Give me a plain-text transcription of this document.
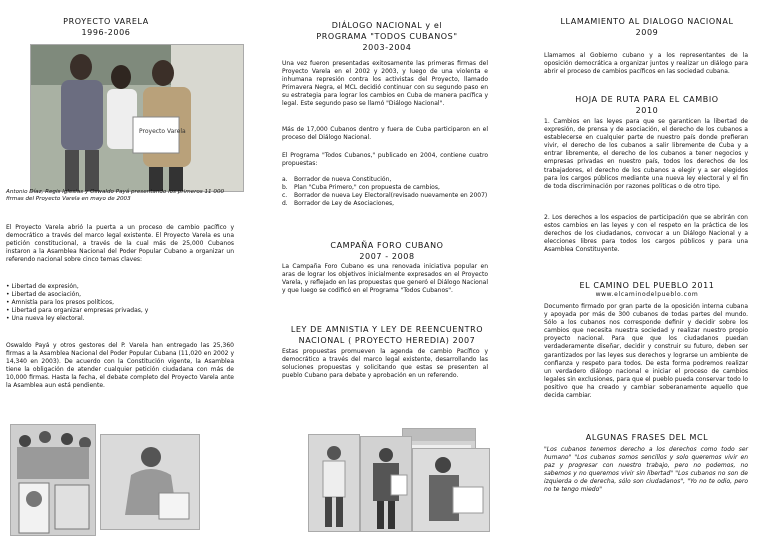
PROYECTO VARELA
1996-2006
Proyecto Varela
Antonio Díaz, Regis Iglesias y Oswaldo Payá presentando los primeros 11 000 firmas del Proyecto Varela en mayo de 2003

El Proyecto Varela abrió la puerta a un proceso de cambio pacífico y democrático a través del marco legal existente. El Proyecto Varela es una petición constitucional, a través de la cual más de 25,000 Cubanos instaron a la Asamblea Nacional del Poder Popular Cubano a organizar un referendo nacional sobre cinco temas claves:

• Libertad de expresión,
• Libertad de asociación,
• Amnistía para los presos políticos,
• Libertad para organizar empresas privadas, y
• Una nueva ley electoral.

Oswaldo Payá y otros gestores del P. Varela han entregado las 25,360 firmas a la Asamblea Nacional del Poder Popular Cubana (11,020 en 2002 y 14,340 en 2003). De acuerdo con la Constitución vigente, la Asamblea tiene la obligación de atender cualquier petición ciudadana con más de 10,000 firmas. Hasta la fecha, el debate completo del Proyecto Varela ante la Asamblea aun está pendiente.

DIÁLOGO NACIONAL y el
PROGRAMA "TODOS CUBANOS"
2003-2004

Una vez fueron presentadas exitosamente las primeras firmas del Proyecto Varela en el 2002 y 2003, y luego de una violenta e inhumana represión contra los activistas del Proyecto, llamado Primavera Negra, el MCL decidió continuar con su segundo paso en su estrategia para lograr los cambios en Cuba de manera pacífica y legal. Este segundo paso se llamó "Diálogo Nacional".

Más de 17,000 Cubanos dentro y fuera de Cuba participaron en el proceso del Diálogo Nacional.

El Programa "Todos Cubanos," publicado en 2004, contiene cuatro propuestas:

a.	Borrador de nueva Constitución,
b.	Plan "Cuba Primero," con propuesta de cambios,
c.	Borrador de nueva Ley Electoral(revisado nuevamente en 2007)
d.	Borrador de Ley de Asociaciones,
CAMPAÑA FORO CUBANO
2007 - 2008

La Campaña Foro Cubano es una renovada iniciativa popular en aras de lograr los objetivos inicialmente expresados en el Proyecto Varela, y reflejado en las propuestas que generó el Diálogo Nacional y que luego se codificó en el Programa "Todos Cubanos".

LEY DE AMNISTIA Y LEY DE REENCUENTRO
NACIONAL ( PROYECTO HEREDIA) 2007

Estas propuestas promueven la agenda de cambio Pacífico y democrático a través del marco legal existente, desarrollando las soluciones propuestas y solicitando que estas se presenten al pueblo Cubano para debate y aprobación en un referendo.

LLAMAMIENTO AL DIALOGO NACIONAL
2009

Llamamos al Gobierno cubano y a los representantes de la oposición democrática a organizar juntos y realizar un diálogo para abrir el proceso de cambios pacíficos en las sociedad cubana.

HOJA DE RUTA PARA EL CAMBIO
2010

1. Cambios en las leyes para que se garanticen la libertad de expresión, de prensa y de asociación, el derecho de los cubanos a establecerse en cualquier parte de nuestro país donde prefieran vivir, el derecho de los cubanos a salir libremente de Cuba y a entrar libremente, el derecho de los cubanos a tener negocios y empresas privadas en nuestro país, todos los derechos de los trabajadores, el derecho de los cubanos a elegir y a ser elegidos para los cargos públicos mediante una nueva ley electoral y el fin de toda discriminación por razones políticas o de otro tipo.

2. Los derechos a los espacios de participación que se abrirán con estos cambios en las leyes y con el respeto en la práctica de los derechos de los ciudadanos, convocar a un Diálogo Nacional y a elecciones libres para todos los cargos públicos y para una Asamblea Constituyente.

EL CAMINO DEL PUEBLO 2011
www.elcaminodelpueblo.com

Documento firmado por gran parte de la oposición interna cubana y apoyada por más de 300 cubanos de todas partes del mundo. Sólo a los cubanos nos corresponde definir y decidir sobre los cambios que necesita nuestra sociedad y realizar nuestro propio proyecto nacional. Para que que los ciudadanos puedan verdaderamente diseñar, decidir y construir su futuro, deben ser garantizados por las leyes sus derechos y lograrse un ambiente de confianza y respeto para todos. De esta forma podremos realizar un verdadero diálogo nacional e iniciar el proceso de cambios legales sin exclusiones, para que el pueblo pueda conservar todo lo positivo que ha creado y cambiar soberanamente aquello que decida cambiar.

ALGUNAS FRASES DEL MCL

"Los cubanos tenemos derecho a los derechos como todo ser humano" "Los cubanos somos sencillos y solo queremos vivir en paz y progresar con nuestro trabajo, pero no podemos, no sabemos y no queremos vivir sin libertad" "Los cubanos no son de izquierda o de derecha, sólo son ciudadanos", "Yo no te odio, pero no te tengo miedo"
